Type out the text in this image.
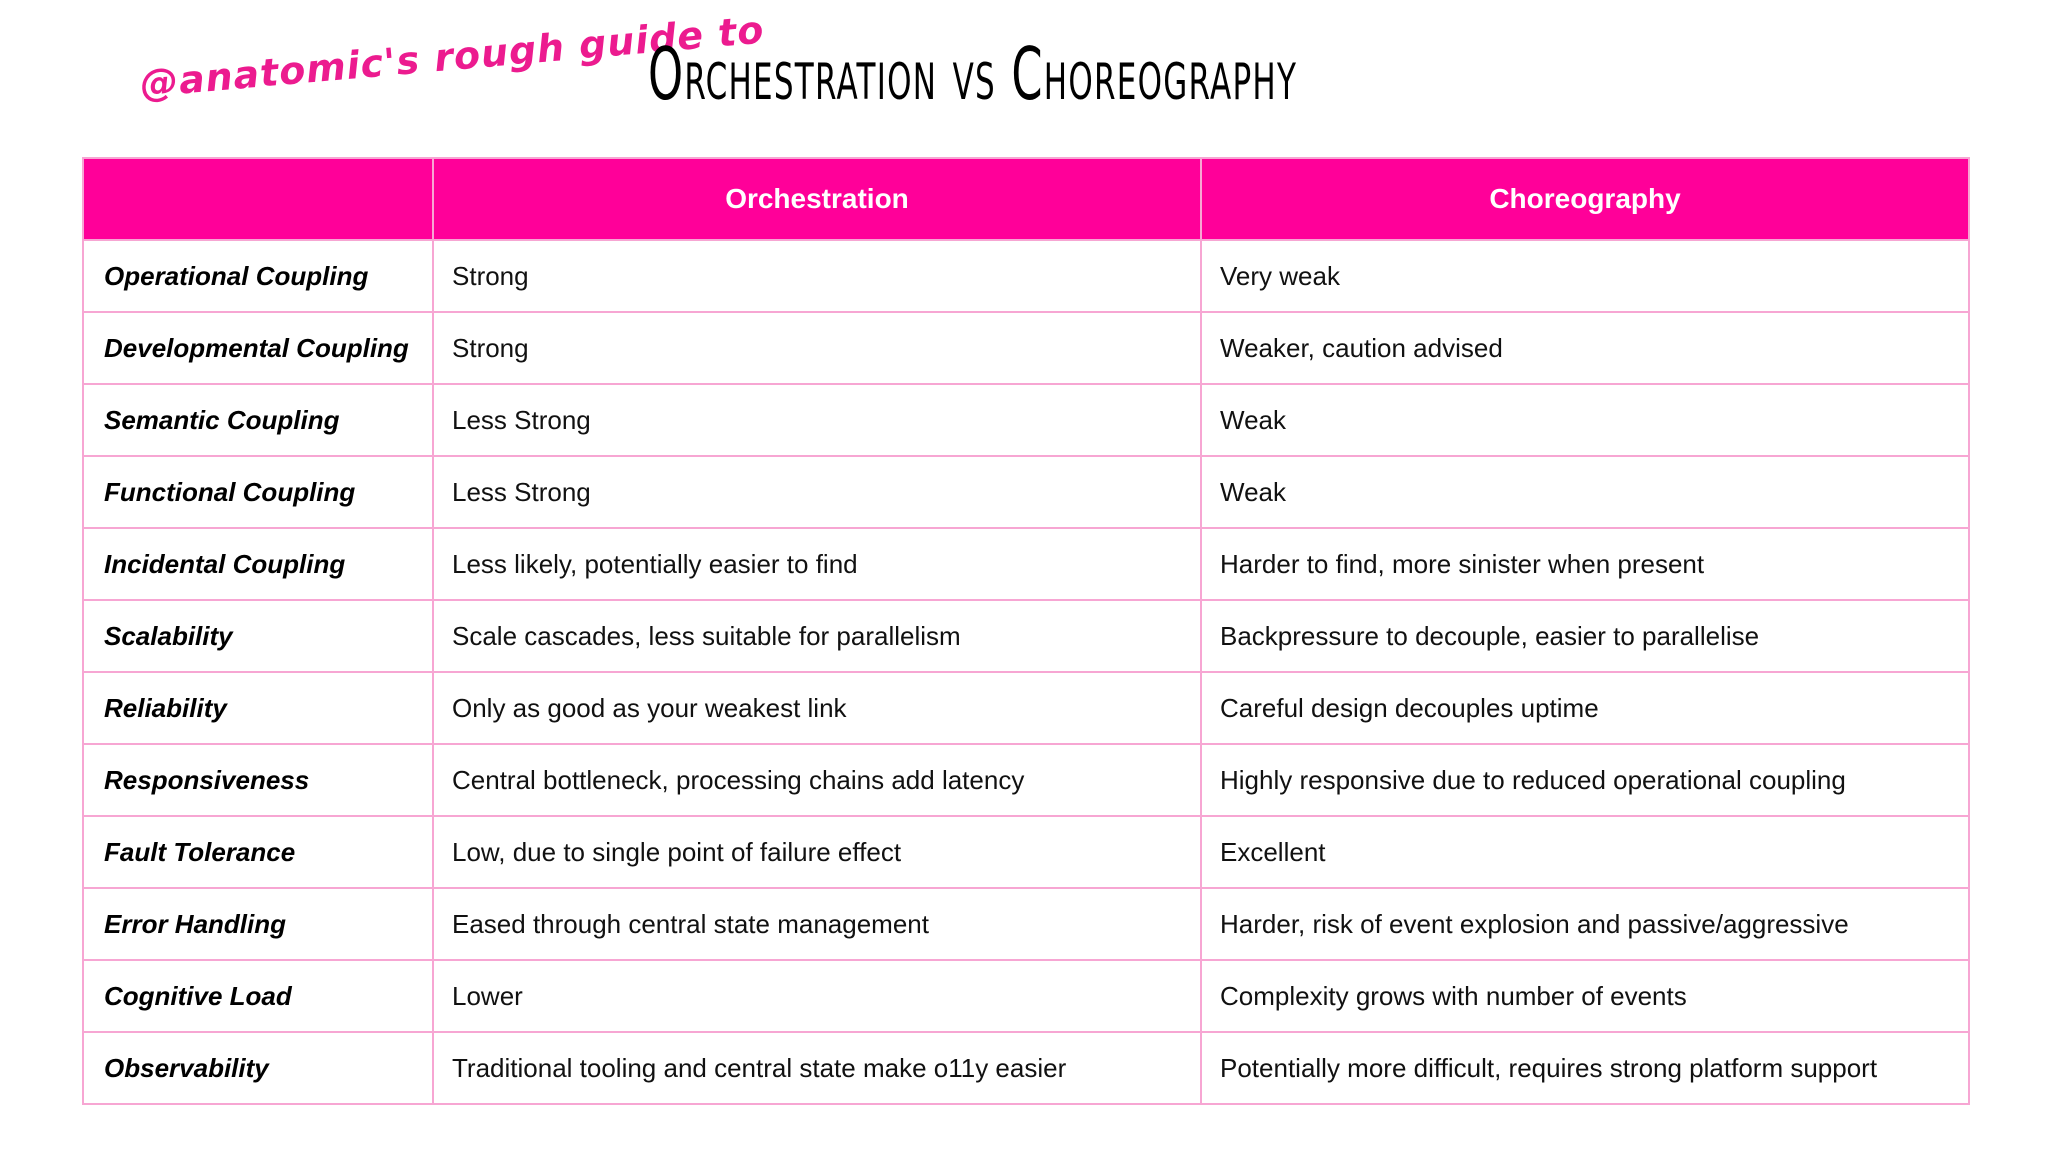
@anatomic's rough guide to
Orchestration vs Choreography
	Orchestration	Choreography
Operational Coupling	Strong	Very weak
Developmental Coupling	Strong	Weaker, caution advised
Semantic Coupling	Less Strong	Weak
Functional Coupling	Less Strong	Weak
Incidental Coupling	Less likely, potentially easier to find	Harder to find, more sinister when present
Scalability	Scale cascades, less suitable for parallelism	Backpressure to decouple, easier to parallelise
Reliability	Only as good as your weakest link	Careful design decouples uptime
Responsiveness	Central bottleneck, processing chains add latency	Highly responsive due to reduced operational coupling
Fault Tolerance	Low, due to single point of failure effect	Excellent
Error Handling	Eased through central state management	Harder, risk of event explosion and passive/aggressive
Cognitive Load	Lower	Complexity grows with number of events
Observability	Traditional tooling and central state make o11y easier	Potentially more difficult, requires strong platform support
